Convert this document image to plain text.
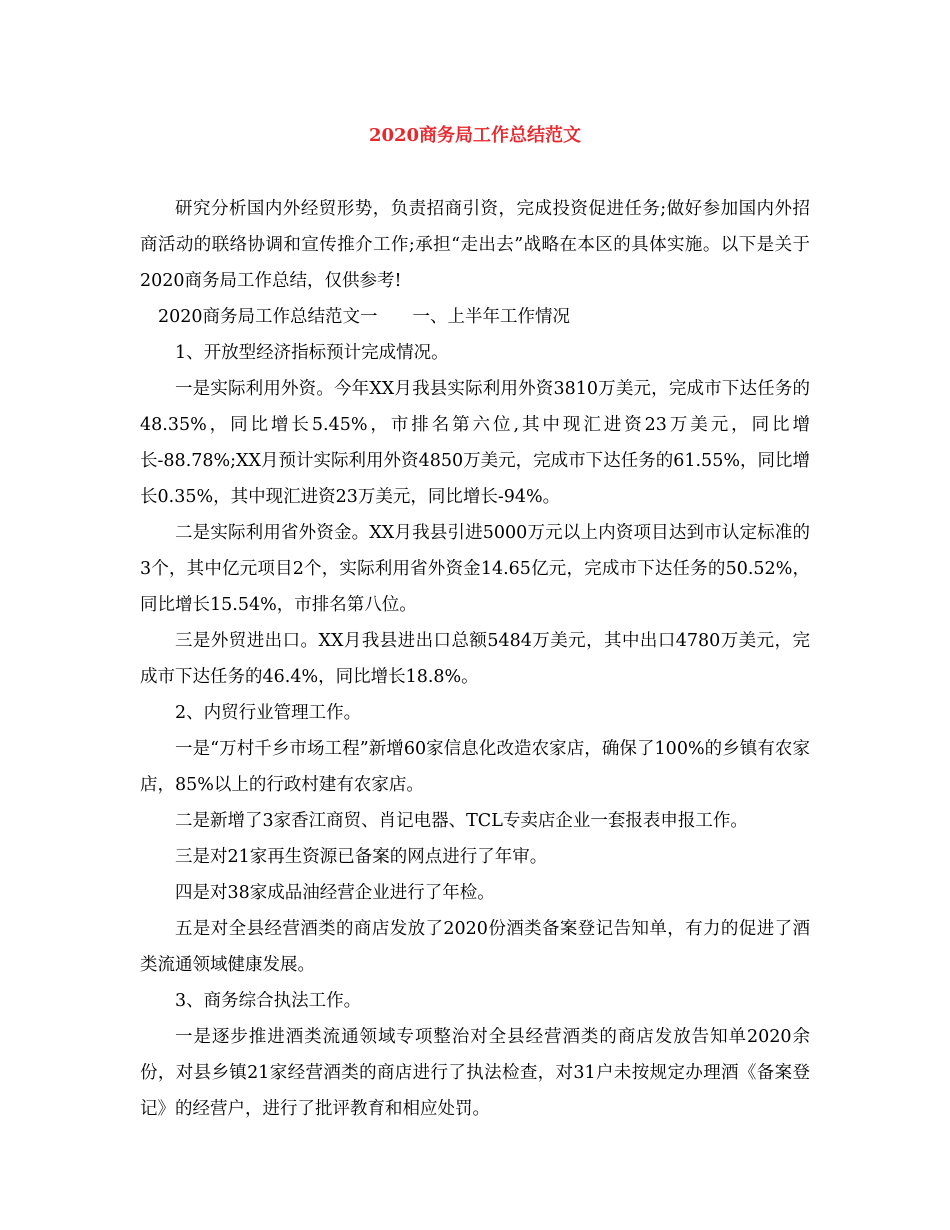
2020商务局工作总结范文

研究分析国内外经贸形势，负责招商引资，完成投资促进任务;做好参加国内外招商活动的联络协调和宣传推介工作;承担“走出去”战略在本区的具体实施。以下是关于2020商务局工作总结，仅供参考!

2020商务局工作总结范文一　　一、上半年工作情况

1、开放型经济指标预计完成情况。

一是实际利用外资。今年XX月我县实际利用外资3810万美元，完成市下达任务的48.35%，同比增长5.45%，市排名第六位,其中现汇进资23万美元，同比增长-88.78%;XX月预计实际利用外资4850万美元，完成市下达任务的61.55%，同比增长0.35%，其中现汇进资23万美元，同比增长-94%。

二是实际利用省外资金。XX月我县引进5000万元以上内资项目达到市认定标准的3个，其中亿元项目2个，实际利用省外资金14.65亿元，完成市下达任务的50.52%，同比增长15.54%，市排名第八位。

三是外贸进出口。XX月我县进出口总额5484万美元，其中出口4780万美元，完成市下达任务的46.4%，同比增长18.8%。

2、内贸行业管理工作。

一是“万村千乡市场工程”新增60家信息化改造农家店，确保了100%的乡镇有农家店，85%以上的行政村建有农家店。

二是新增了3家香江商贸、肖记电器、TCL专卖店企业一套报表申报工作。

三是对21家再生资源已备案的网点进行了年审。

四是对38家成品油经营企业进行了年检。

五是对全县经营酒类的商店发放了2020份酒类备案登记告知单，有力的促进了酒类流通领域健康发展。

3、商务综合执法工作。

一是逐步推进酒类流通领域专项整治对全县经营酒类的商店发放告知单2020余份，对县乡镇21家经营酒类的商店进行了执法检查，对31户未按规定办理酒《备案登记》的经营户，进行了批评教育和相应处罚。
